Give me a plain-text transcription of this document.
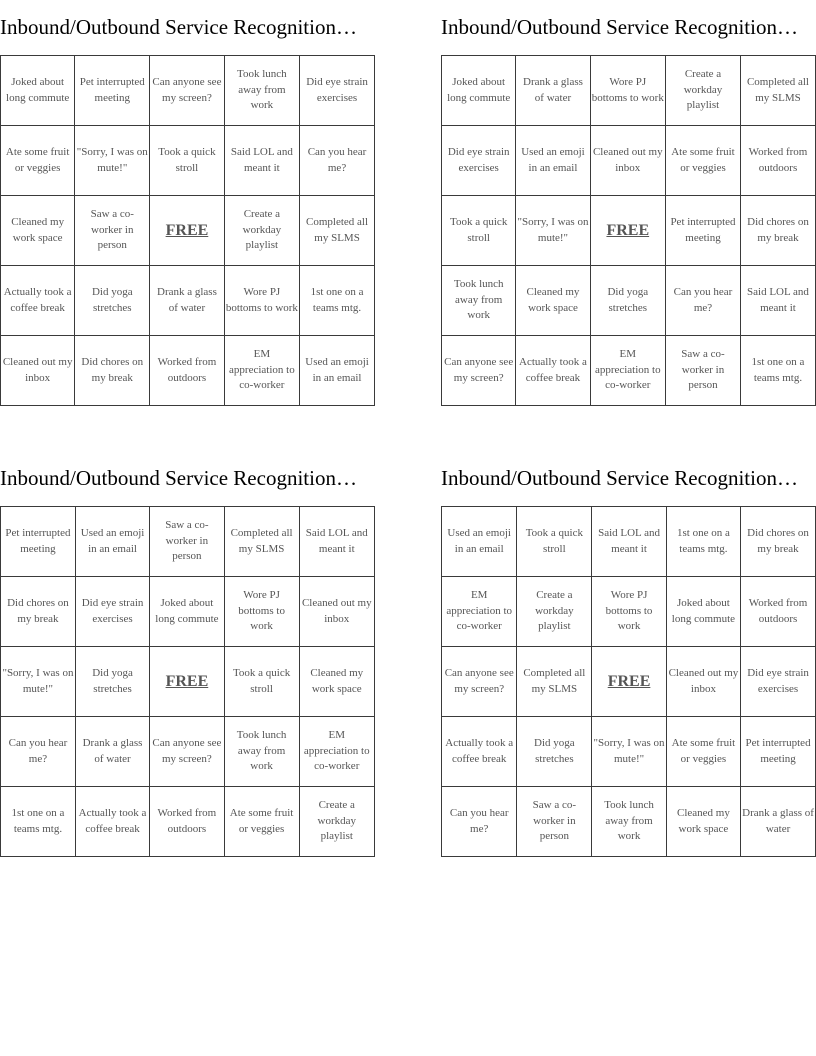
Inbound/Outbound Service Recognition…
Joked about long commute	Pet interrupted meeting	Can anyone see my screen?	Took lunch away from work	Did eye strain exercises
Ate some fruit or veggies	"Sorry, I was on mute!"	Took a quick stroll	Said LOL and meant it	Can you hear me?
Cleaned my work space	Saw a co-worker in person	FREE	Create a workday playlist	Completed all my SLMS
Actually took a coffee break	Did yoga stretches	Drank a glass of water	Wore PJ bottoms to work	1st one on a teams mtg.
Cleaned out my inbox	Did chores on my break	Worked from outdoors	EM appreciation to co-worker	Used an emoji in an email
Inbound/Outbound Service Recognition…
Joked about long commute	Drank a glass of water	Wore PJ bottoms to work	Create a workday playlist	Completed all my SLMS
Did eye strain exercises	Used an emoji in an email	Cleaned out my inbox	Ate some fruit or veggies	Worked from outdoors
Took a quick stroll	"Sorry, I was on mute!"	FREE	Pet interrupted meeting	Did chores on my break
Took lunch away from work	Cleaned my work space	Did yoga stretches	Can you hear me?	Said LOL and meant it
Can anyone see my screen?	Actually took a coffee break	EM appreciation to co-worker	Saw a co-worker in person	1st one on a teams mtg.
Inbound/Outbound Service Recognition…
Pet interrupted meeting	Used an emoji in an email	Saw a co-worker in person	Completed all my SLMS	Said LOL and meant it
Did chores on my break	Did eye strain exercises	Joked about long commute	Wore PJ bottoms to work	Cleaned out my inbox
"Sorry, I was on mute!"	Did yoga stretches	FREE	Took a quick stroll	Cleaned my work space
Can you hear me?	Drank a glass of water	Can anyone see my screen?	Took lunch away from work	EM appreciation to co-worker
1st one on a teams mtg.	Actually took a coffee break	Worked from outdoors	Ate some fruit or veggies	Create a workday playlist
Inbound/Outbound Service Recognition…
Used an emoji in an email	Took a quick stroll	Said LOL and meant it	1st one on a teams mtg.	Did chores on my break
EM appreciation to co-worker	Create a workday playlist	Wore PJ bottoms to work	Joked about long commute	Worked from outdoors
Can anyone see my screen?	Completed all my SLMS	FREE	Cleaned out my inbox	Did eye strain exercises
Actually took a coffee break	Did yoga stretches	"Sorry, I was on mute!"	Ate some fruit or veggies	Pet interrupted meeting
Can you hear me?	Saw a co-worker in person	Took lunch away from work	Cleaned my work space	Drank a glass of water
